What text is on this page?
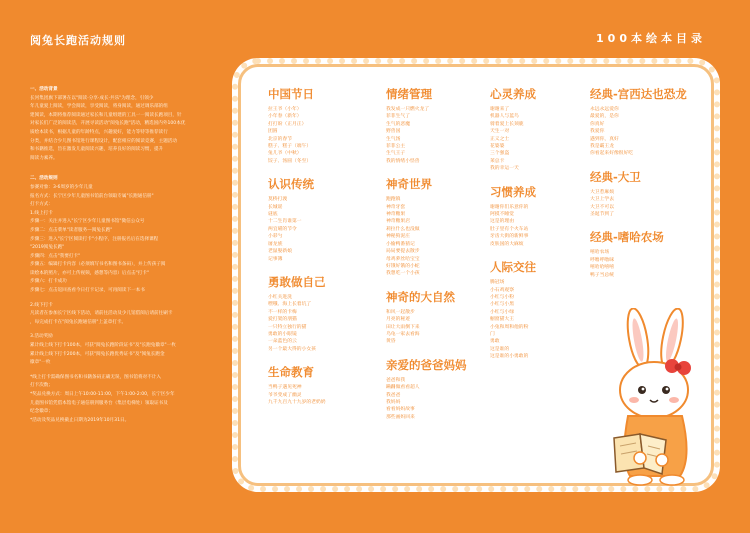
阅兔长跑活动规则	100本绘本目录

一、活动背景

长河集团旗下部署在以"阅读·分享·成长·共乐"为理念，引领少

年儿童爱上阅读，学会阅读，享受阅读，将身阅读，通过调乐部的组

建阅读，本期将推荐阅读通过家长和儿童组建的工具一一阅读长跑项目，针

对家长们广泛的阅读活，开展寻读活动"阅兔长跑"活动，精选国内外100本优

质绘本读书，根据儿童的年龄特点，兴趣爱好，能力等特等推荐读行

分类，并结合少儿图书馆进行课程设计，配套相应的阅读竞赛，主题活动

和书籍推选，旨在激发儿童阅读兴趣，培养良好的阅读习惯，提升

阅读力素养。

二、活动规则

参赛对象：3-6周岁的少年儿童

报名方式：长宁区少年儿童图书馆前台领取专属"长跑通信册"

打卡方式：

1.线上打卡

步骤一：关注并进入"长宁区少年儿童图书馆"微信公众号

步骤二：点击菜单"读者服务—阅兔长跑"

步骤三：进入"长宁区阅读打卡"小程序，注册报名后在选择课程

"2019阅兔长跑"

步骤四：点击"我要打卡"

步骤五：编辑打卡内容（必须填写书名和图书条码），并上传孩子阅

读绘本的照片，亦可上传视频，感想等内容）后点击"打卡"

步骤六：打卡成功

步骤七：点击返回查看今日打卡记录，可再阅读下一本书

2.线下打卡

凡读者在参加长宁区线下活动，请前往活动及少儿馆借阅后请前往刷卡

，每完成打卡在"阅兔长跑通信册"上盖章打卡。

3.活动奖励

累计线上线下打卡100本，可获"阅兔长跑阶段证书"及"长跑兔徽章"一枚

累计线上线下打卡200本，可获"阅兔长跑优秀证书"及"阅兔长跑金

徽章"一枚

*线上打卡需确保图书名和书籍条码正确无误，图书馆将对不计入

打卡次数；

*奖品兑换方式：周日上午10:00-11:00，下午1:00-2:00，长宁区少年

儿童图书馆凭借本馆电子通信册到服务台（集层电梯处）领取证书及

纪念徽章；

*活动及奖品兑换截止日期为2019年10月31日。

中国节日
拉王爷（小年）
小年春（新年）
打打盼（正月正）
团圆
北京的春节
糕子、糕子（端午）
兔儿爷（中秋）
饺子、汤圆（冬至）
认识传统
莫桥打渡
长城谣
谜底
十二生肖谁第一
两宜喵的节令
小彩勺
屠龙族
老鼠娶新娘
记事簿
勇敢做自己
小红关进洗
嘿哦、海上长着坑了
不一样的卡梅
爱打架的朋猫
一只特立独行的猫
勇敢的小眼镜
一朵蓝色的云
另一个最大得的小女孩
生命教育
当鸭子遇见死神
爷爷变成了幽灵
九千九百九十九岁的老奶奶
情绪管理
我发成一只燃火龙了
菲菲生气了
生气的恶魔
野兽国
生气汤
菲菲公主
生气王子
我的情绪小怪兽
神奇世界
跑跑镇
神奇牙套
神奇糖果
神奇糖果店
莉拉什么也没做
神秘狗泥庄
小偷鸭番猜记
局局要提去散步
母鸡萝丝哈宝宝
好饿好饿的小蛇
我想吃一个小孩
神奇的大自然
和风一起散步
月亮的秘迹
田让大雨倒下来
乌龟一家去看海
黄昏
亲爱的爸爸妈妈
爸爸和我
蹒跚做看看超人
我爸爸
我妈妈
看看妈妈故事
那些画妈回来
心灵养成
谢谢来了
机器人与蓝鸟
骑着爱上长颈鹿
天生一对
正义之士
花婆婆
三个强盗
莱总卡
我的幸运一天
习惯养成
谢谢你们乐意你的
阿摸不睡觉
这是的理由
肚子里有个火车站
牙齿大街的新鲜事
皮肤国的大麻烦
人际交往
腾冠场
小石鸡观察
小红与小粉
小红与小黑
小红与小绿
橱窗猫大王
小兔和周和他的粉
门
勇敢
这是谁的
这是谁的小勇敢的
经典-宫西达也恐龙
永远永远爱你
最爱的，是你
你真好
我爱你
遇到你，真好
我是霸王龙
你看起来好像很好吃
经典-大卫
大卫惹麻烦
大卫上学去
大卫不可以
圣诞节到了
经典-嗜哈农场
嘻哈农场
呼噜呼噜咪
嘻哈哈嘻嘻
鸭子当总统
